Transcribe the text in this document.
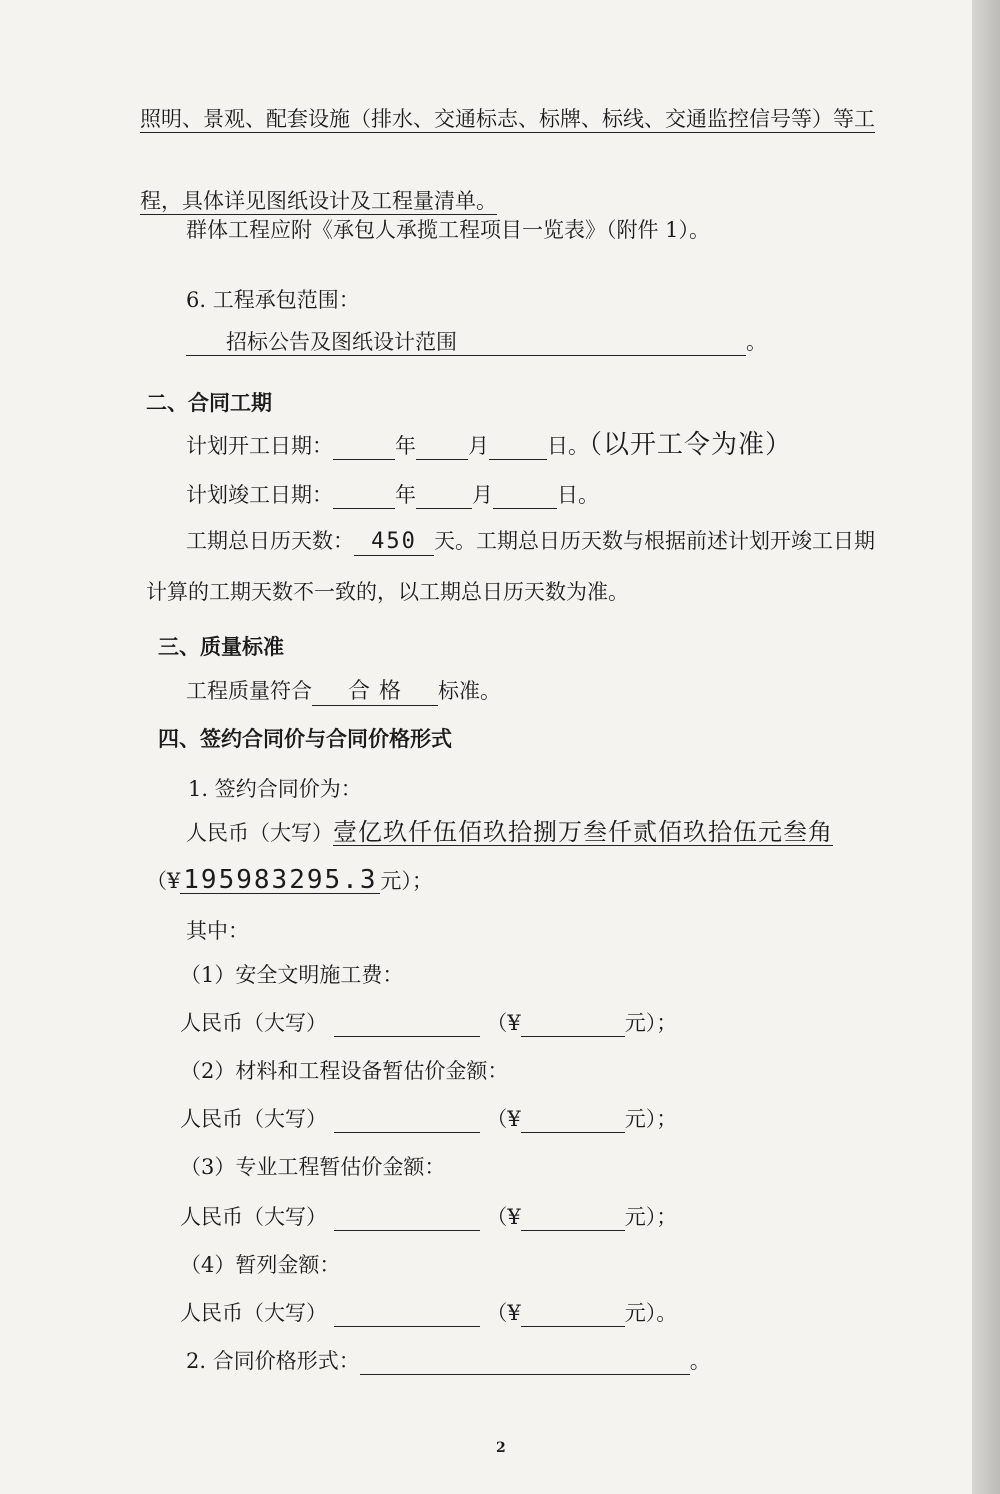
照明、景观、配套设施（排水、交通标志、标牌、标线、交通监控信号等）等工
程，具体详见图纸设计及工程量清单。
群体工程应附《承包人承揽工程项目一览表》（附件 1）。
6. 工程承包范围：
招标公告及图纸设计范围	。
二、合同工期
计划开工日期：	年 月	日。（以开工令为准）
计划竣工日期：	年	月	日。
工期总日历天数： 450 天。工期总日历天数与根据前述计划开竣工日期
计算的工期天数不一致的，以工期总日历天数为准。
三、质量标准
工程质量符合 合 格 标准。
四、签约合同价与合同价格形式
1. 签约合同价为：
人民币（大写）壹亿玖仟伍佰玖拾捌万叁仟贰佰玖拾伍元叁角
（¥ 195983295.3 元）；
其中：
（1）安全文明施工费：
人民币（大写）	（¥	元）；
（2）材料和工程设备暂估价金额：
人民币（大写）	（¥	元）；
（3）专业工程暂估价金额：
人民币（大写）	（¥	元）；
（4）暂列金额：
人民币（大写）	（¥	元）。
2. 合同价格形式：	。
2
